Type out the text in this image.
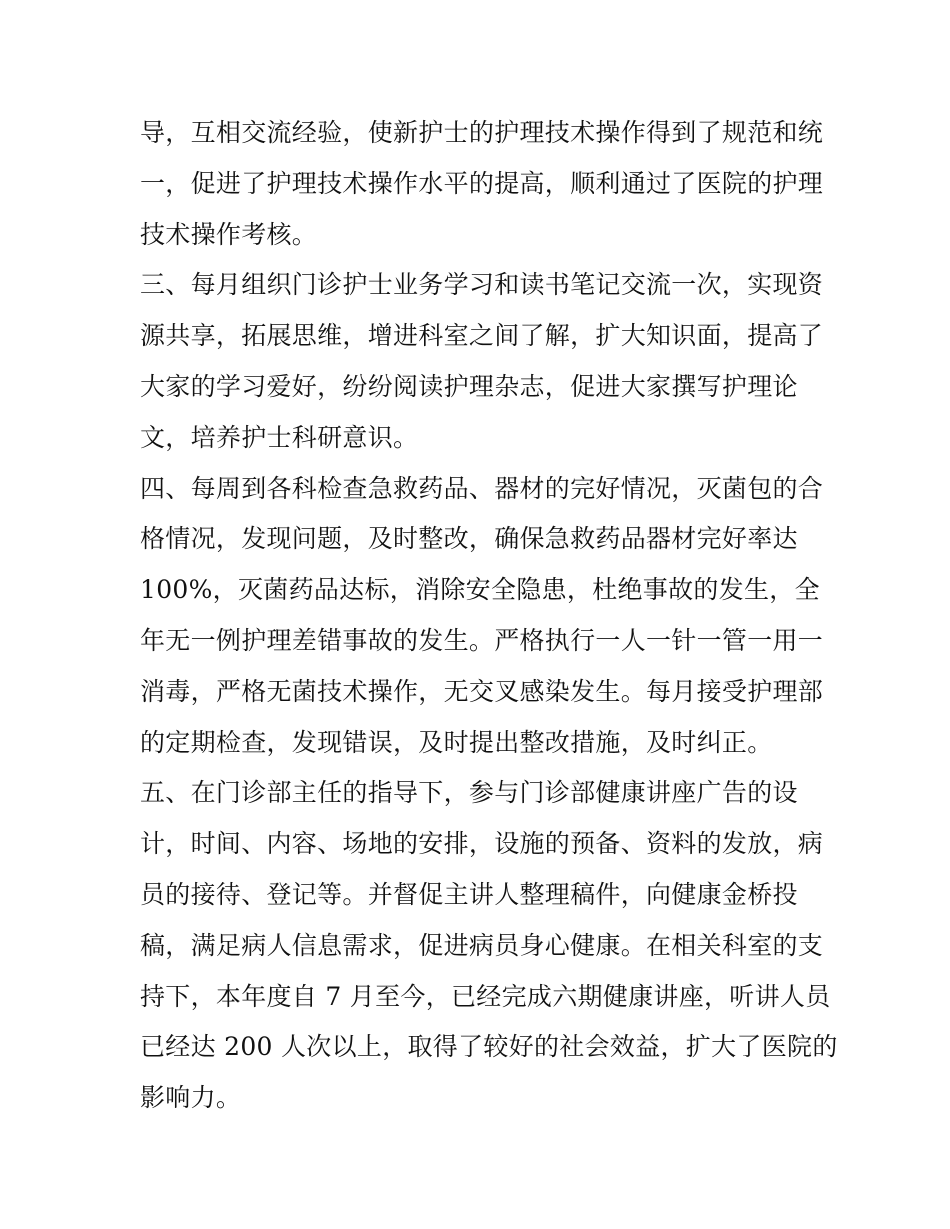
导，互相交流经验，使新护士的护理技术操作得到了规范和统
一，促进了护理技术操作水平的提高，顺利通过了医院的护理
技术操作考核。
三、每月组织门诊护士业务学习和读书笔记交流一次，实现资
源共享，拓展思维，增进科室之间了解，扩大知识面，提高了
大家的学习爱好，纷纷阅读护理杂志，促进大家撰写护理论
文，培养护士科研意识。
四、每周到各科检查急救药品、器材的完好情况，灭菌包的合
格情况，发现问题，及时整改，确保急救药品器材完好率达
100%，灭菌药品达标，消除安全隐患，杜绝事故的发生，全
年无一例护理差错事故的发生。严格执行一人一针一管一用一
消毒，严格无菌技术操作，无交叉感染发生。每月接受护理部
的定期检查，发现错误，及时提出整改措施，及时纠正。
五、在门诊部主任的指导下，参与门诊部健康讲座广告的设
计，时间、内容、场地的安排，设施的预备、资料的发放，病
员的接待、登记等。并督促主讲人整理稿件，向健康金桥投
稿，满足病人信息需求，促进病员身心健康。在相关科室的支
持下，本年度自 7 月至今，已经完成六期健康讲座，听讲人员
已经达 200 人次以上，取得了较好的社会效益，扩大了医院的
影响力。
